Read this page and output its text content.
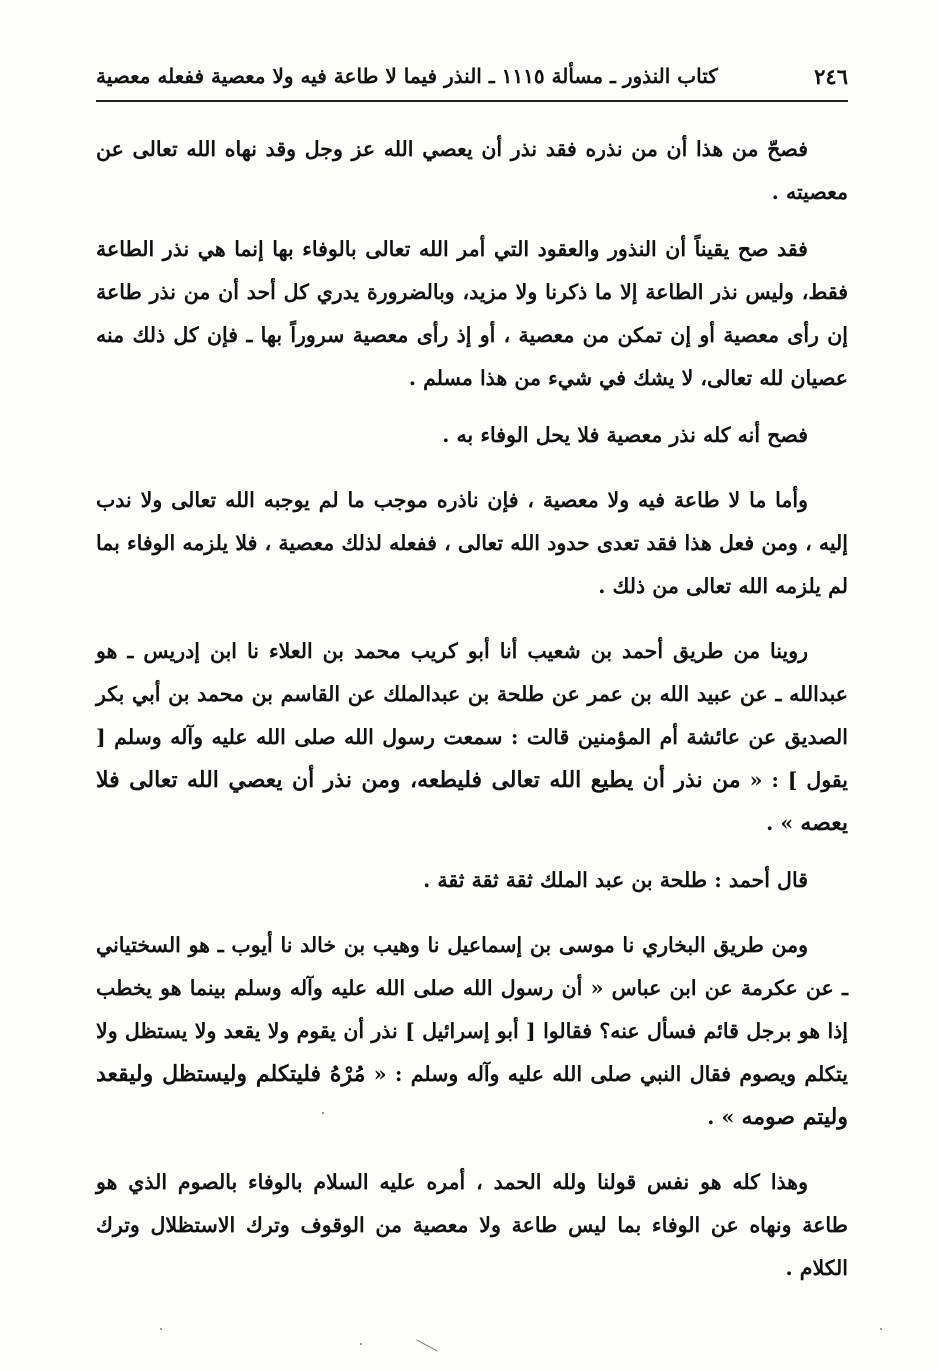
٢٤٦
كتاب النذور ـ مسألة ١١١٥ ـ النذر فيما لا طاعة فيه ولا معصية ففعله معصية

فصحّ من هذا أن من نذره فقد نذر أن يعصي الله عز وجل وقد نهاه الله تعالى عن معصيته .

فقد صح يقيناً أن النذور والعقود التي أمر الله تعالى بالوفاء بها إنما هي نذر الطاعة فقط، وليس نذر الطاعة إلا ما ذكرنا ولا مزيد، وبالضرورة يدري كل أحد أن من نذر طاعة إن رأى معصية أو إن تمكن من معصية ، أو إذ رأى معصية سروراً بها ـ فإن كل ذلك منه عصيان لله تعالى، لا يشك في شيء من هذا مسلم .

فصح أنه كله نذر معصية فلا يحل الوفاء به .

وأما ما لا طاعة فيه ولا معصية ، فإن ناذره موجب ما لم يوجبه الله تعالى ولا ندب إليه ، ومن فعل هذا فقد تعدى حدود الله تعالى ، ففعله لذلك معصية ، فلا يلزمه الوفاء بما لم يلزمه الله تعالى من ذلك .

روينا من طريق أحمد بن شعيب أنا أبو كريب محمد بن العلاء نا ابن إدريس ـ هو عبدالله ـ عن عبيد الله بن عمر عن طلحة بن عبدالملك عن القاسم بن محمد بن أبي بكر الصديق عن عائشة أم المؤمنين قالت : سمعت رسول الله صلى الله عليه وآله وسلم [ يقول ] : « من نذر أن يطيع الله تعالى فليطعه، ومن نذر أن يعصي الله تعالى فلا يعصه » .

قال أحمد : طلحة بن عبد الملك ثقة ثقة ثقة .

ومن طريق البخاري نا موسى بن إسماعيل نا وهيب بن خالد نا أيوب ـ هو السختياني ـ عن عكرمة عن ابن عباس « أن رسول الله صلى الله عليه وآله وسلم بينما هو يخطب إذا هو برجل قائم فسأل عنه؟ فقالوا [ أبو إسرائيل ] نذر أن يقوم ولا يقعد ولا يستظل ولا يتكلم ويصوم فقال النبي صلى الله عليه وآله وسلم : « مُرْهُ فليتكلم وليستظل وليقعد وليتم صومه » .

وهذا كله هو نفس قولنا ولله الحمد ، أمره عليه السلام بالوفاء بالصوم الذي هو طاعة ونهاه عن الوفاء بما ليس طاعة ولا معصية من الوقوف وترك الاستظلال وترك الكلام .
